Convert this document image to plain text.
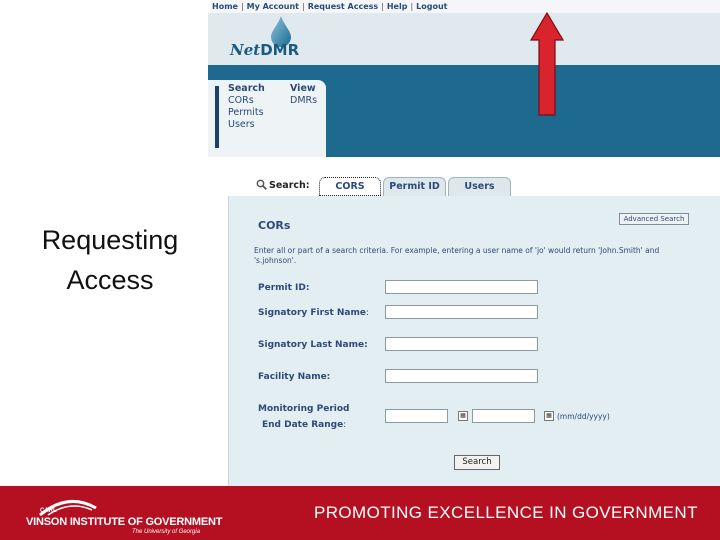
Requesting
Access
Home | My Account | Request Access | Help | Logout
NetDMR
Search
CORs
Permits
Users
View
DMRs
Search:	CORS	Permit ID	Users
CORs	Advanced Search
Enter all or part of a search criteria. For example, entering a user name of 'jo' would return 'John.Smith' and 's.johnson'.
Permit ID:
Signatory First Name:
Signatory Last Name:
Facility Name:
Monitoring Period
End Date Range:
▦	▦ (mm/dd/yyyy)
Search
CARL
VINSON INSTITUTE OF GOVERNMENT
The University of Georgia
PROMOTING EXCELLENCE IN GOVERNMENT
